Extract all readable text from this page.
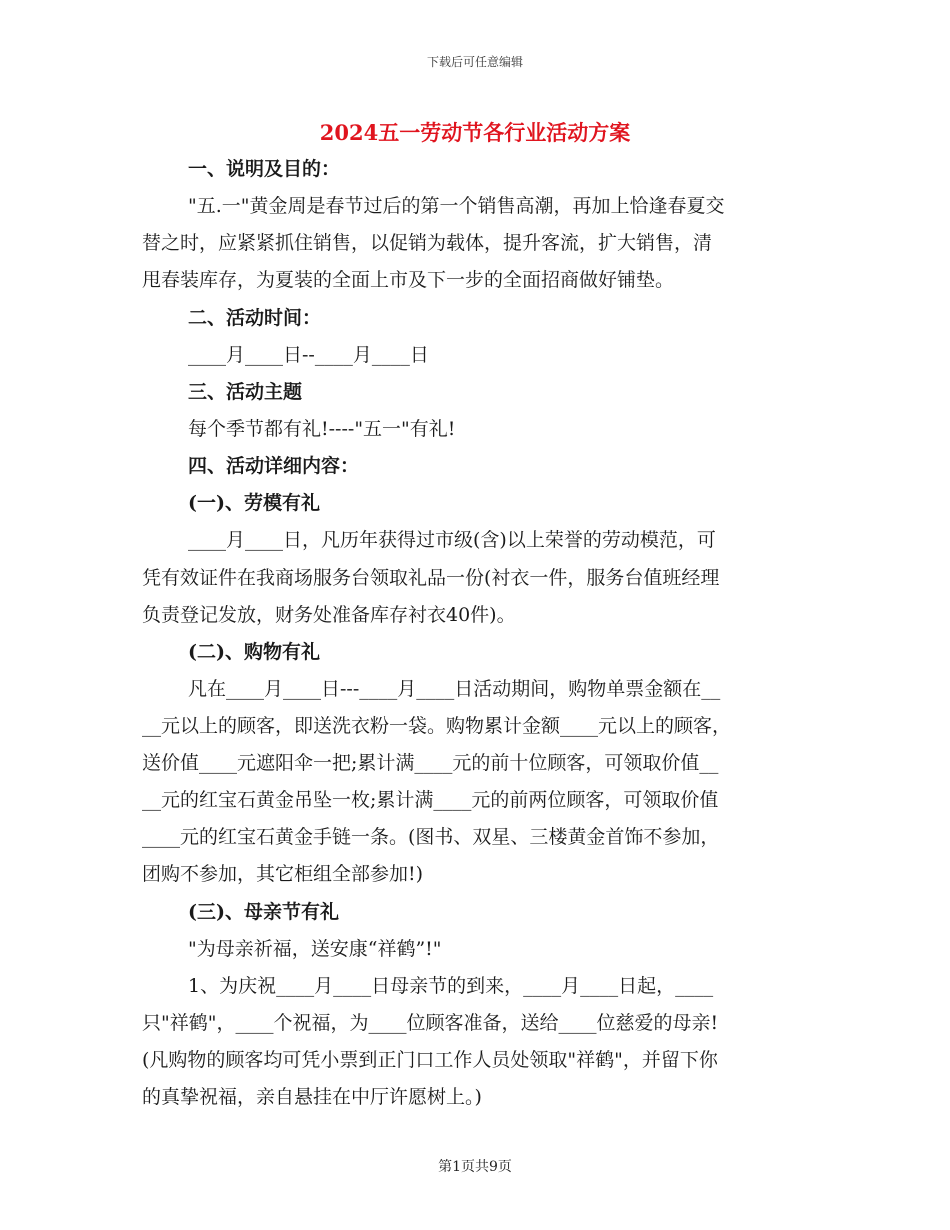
下载后可任意编辑
2024五一劳动节各行业活动方案
一、说明及目的：
"五.一"黄金周是春节过后的第一个销售高潮，再加上恰逢春夏交
替之时，应紧紧抓住销售，以促销为载体，提升客流，扩大销售，清
甩春装库存，为夏装的全面上市及下一步的全面招商做好铺垫。
二、活动时间：
____月____日--____月____日
三、活动主题
每个季节都有礼!----"五一"有礼!
四、活动详细内容：
(一)、劳模有礼
____月____日，凡历年获得过市级(含)以上荣誉的劳动模范，可
凭有效证件在我商场服务台领取礼品一份(衬衣一件，服务台值班经理
负责登记发放，财务处准备库存衬衣40件)。
(二)、购物有礼
凡在____月____日---____月____日活动期间，购物单票金额在__
__元以上的顾客，即送洗衣粉一袋。购物累计金额____元以上的顾客，
送价值____元遮阳伞一把;累计满____元的前十位顾客，可领取价值__
__元的红宝石黄金吊坠一枚;累计满____元的前两位顾客，可领取价值
____元的红宝石黄金手链一条。(图书、双星、三楼黄金首饰不参加，
团购不参加，其它柜组全部参加!)
(三)、母亲节有礼
"为母亲祈福，送安康“祥鹤”!"
1、为庆祝____月____日母亲节的到来，____月____日起，____
只"祥鹤"，____个祝福，为____位顾客准备，送给____位慈爱的母亲!
(凡购物的顾客均可凭小票到正门口工作人员处领取"祥鹤"，并留下你
的真挚祝福，亲自悬挂在中厅许愿树上。)
第1页共9页
